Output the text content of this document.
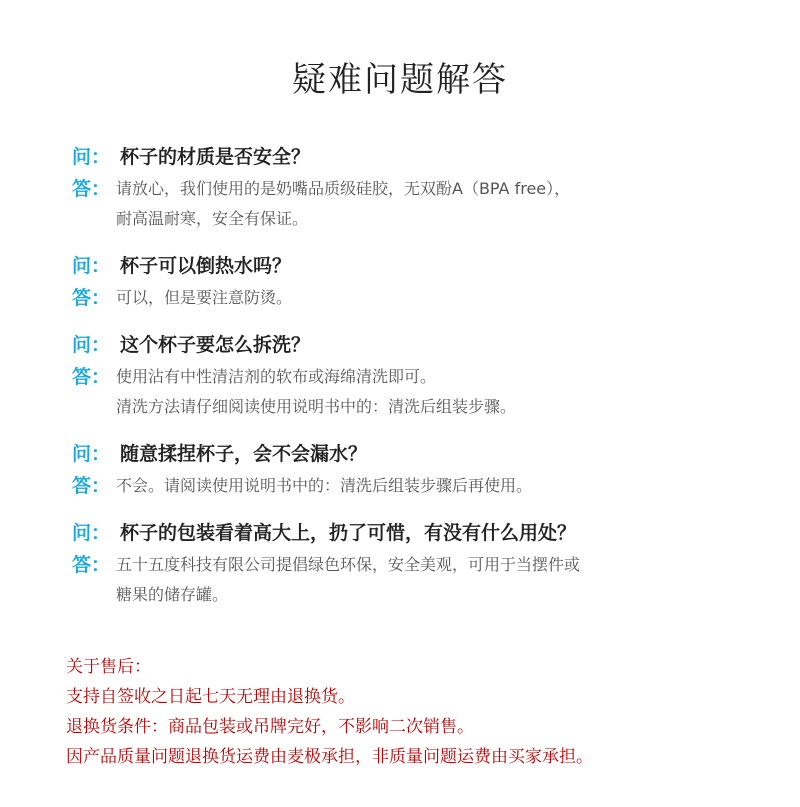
疑难问题解答
问： 杯子的材质是否安全？
答： 请放心，我们使用的是奶嘴品质级硅胶，无双酚A（BPA free），
耐高温耐寒，安全有保证。
问： 杯子可以倒热水吗？
答： 可以，但是要注意防烫。
问： 这个杯子要怎么拆洗？
答： 使用沾有中性清洁剂的软布或海绵清洗即可。
清洗方法请仔细阅读使用说明书中的：清洗后组装步骤。
问： 随意揉捏杯子，会不会漏水？
答： 不会。请阅读使用说明书中的：清洗后组装步骤后再使用。
问： 杯子的包装看着高大上，扔了可惜，有没有什么用处？
答： 五十五度科技有限公司提倡绿色环保，安全美观，可用于当摆件或
糖果的储存罐。
关于售后：
支持自签收之日起七天无理由退换货。
退换货条件：商品包装或吊牌完好，不影响二次销售。
因产品质量问题退换货运费由麦极承担，非质量问题运费由买家承担。
